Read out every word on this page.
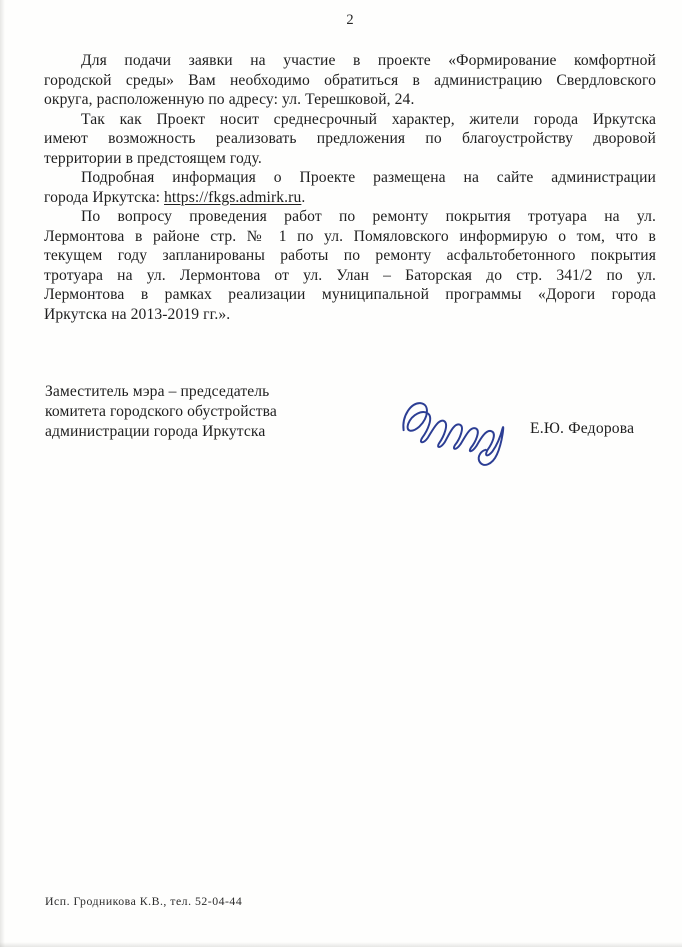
2
Для подачи заявки на участие в проекте «Формирование комфортной
городской среды» Вам необходимо обратиться в администрацию Свердловского
округа, расположенную по адресу: ул. Терешковой, 24.
Так как Проект носит среднесрочный характер, жители города Иркутска
имеют возможность реализовать предложения по благоустройству дворовой
территории в предстоящем году.
Подробная информация о Проекте размещена на сайте администрации
города Иркутска: https://fkgs.admirk.ru.
По вопросу проведения работ по ремонту покрытия тротуара на ул.
Лермонтова в районе стр. № 1 по ул. Помяловского информирую о том, что в
текущем году запланированы работы по ремонту асфальтобетонного покрытия
тротуара на ул. Лермонтова от ул. Улан – Баторская до стр. 341/2 по ул.
Лермонтова в рамках реализации муниципальной программы «Дороги города
Иркутска на 2013-2019 гг.».
Заместитель мэра – председатель
комитета городского обустройства
администрации города Иркутска	Е.Ю. Федорова
Исп. Гродникова К.В., тел. 52-04-44
